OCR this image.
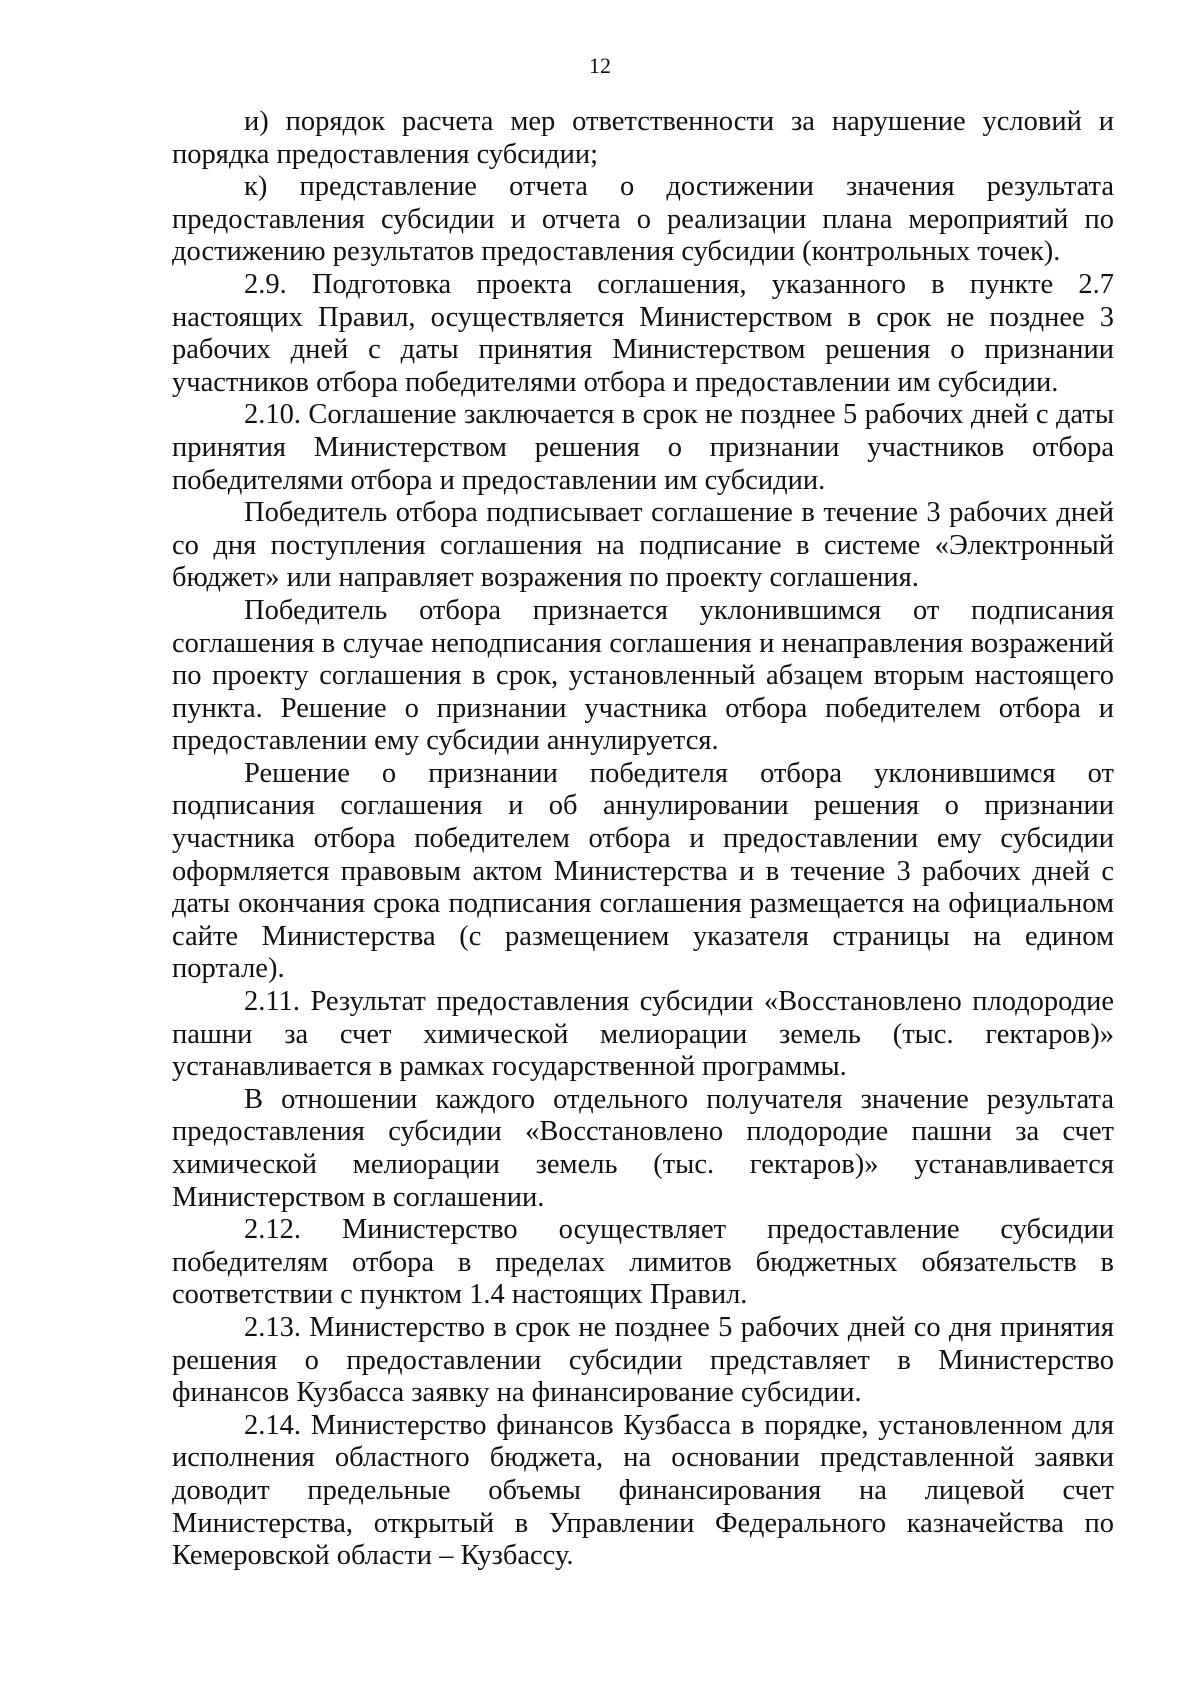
12

и) порядок расчета мер ответственности за нарушение условий и порядка предоставления субсидии;

к) представление отчета о достижении значения результата предоставления субсидии и отчета о реализации плана мероприятий по достижению результатов предоставления субсидии (контрольных точек).

2.9. Подготовка проекта соглашения, указанного в пункте 2.7 настоящих Правил, осуществляется Министерством в срок не позднее 3 рабочих дней с даты принятия Министерством решения о признании участников отбора победителями отбора и предоставлении им субсидии.

2.10. Соглашение заключается в срок не позднее 5 рабочих дней с даты принятия Министерством решения о признании участников отбора победителями отбора и предоставлении им субсидии.

Победитель отбора подписывает соглашение в течение 3 рабочих дней со дня поступления соглашения на подписание в системе «Электронный бюджет» или направляет возражения по проекту соглашения.

Победитель отбора признается уклонившимся от подписания соглашения в случае неподписания соглашения и ненаправления возражений по проекту соглашения в срок, установленный абзацем вторым настоящего пункта. Решение о признании участника отбора победителем отбора и предоставлении ему субсидии аннулируется.

Решение о признании победителя отбора уклонившимся от подписания соглашения и об аннулировании решения о признании участника отбора победителем отбора и предоставлении ему субсидии оформляется правовым актом Министерства и в течение 3 рабочих дней с даты окончания срока подписания соглашения размещается на официальном сайте Министерства (с размещением указателя страницы на едином портале).

2.11. Результат предоставления субсидии «Восстановлено плодородие пашни за счет химической мелиорации земель (тыс. гектаров)» устанавливается в рамках государственной программы.

В отношении каждого отдельного получателя значение результата предоставления субсидии «Восстановлено плодородие пашни за счет химической мелиорации земель (тыс. гектаров)» устанавливается Министерством в соглашении.

2.12. Министерство осуществляет предоставление субсидии победителям отбора в пределах лимитов бюджетных обязательств в соответствии с пунктом 1.4 настоящих Правил.

2.13. Министерство в срок не позднее 5 рабочих дней со дня принятия решения о предоставлении субсидии представляет в Министерство финансов Кузбасса заявку на финансирование субсидии.

2.14. Министерство финансов Кузбасса в порядке, установленном для исполнения областного бюджета, на основании представленной заявки доводит предельные объемы финансирования на лицевой счет Министерства, открытый в Управлении Федерального казначейства по Кемеровской области – Кузбассу.
